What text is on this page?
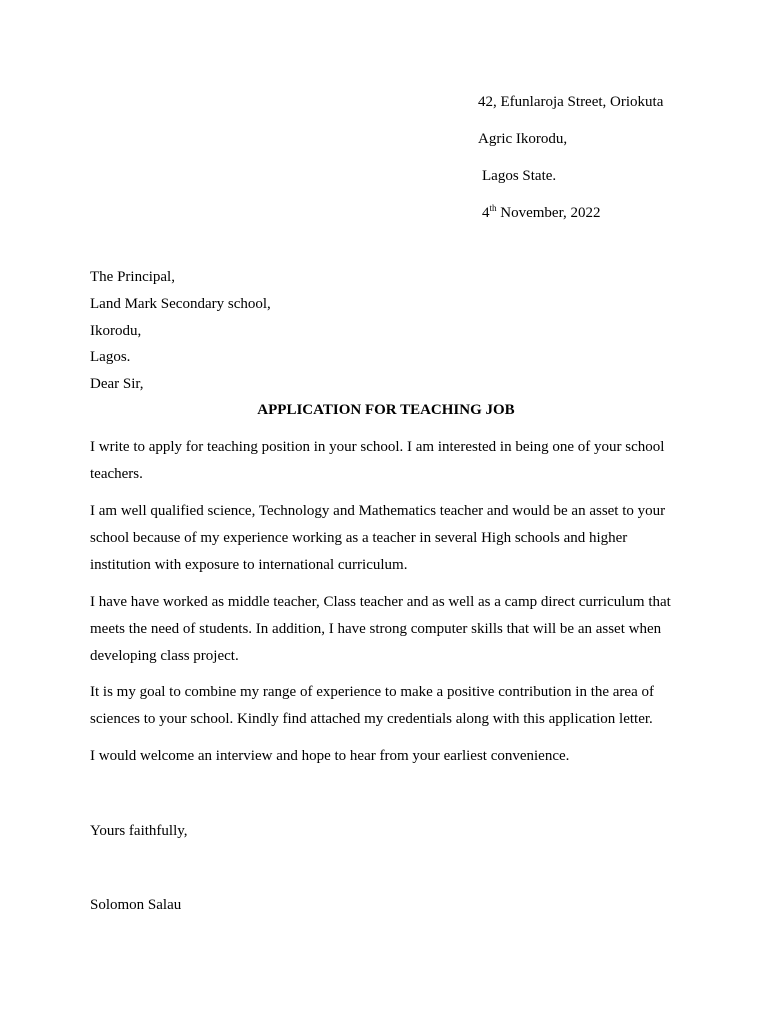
42, Efunlaroja Street, Oriokuta
Agric Ikorodu,
Lagos State.
4th November, 2022
The Principal,
Land Mark Secondary school,
Ikorodu,
Lagos.
Dear Sir,
APPLICATION FOR TEACHING JOB
I write to apply for teaching position in your school. I am interested in being one of your school teachers.
I am well qualified science, Technology and Mathematics teacher and would be an asset to your school because of my experience working as a teacher in several High schools and higher institution with exposure to international curriculum.
I have have worked as middle teacher, Class teacher and as well as a camp direct curriculum that meets the need of students. In addition, I have strong computer skills that will be an asset when developing class project.
It is my goal to combine my range of experience to make a positive contribution in the area of sciences to your school. Kindly find attached my credentials along with this application letter.
I would welcome an interview and hope to hear from your earliest convenience.
Yours faithfully,
Solomon Salau
